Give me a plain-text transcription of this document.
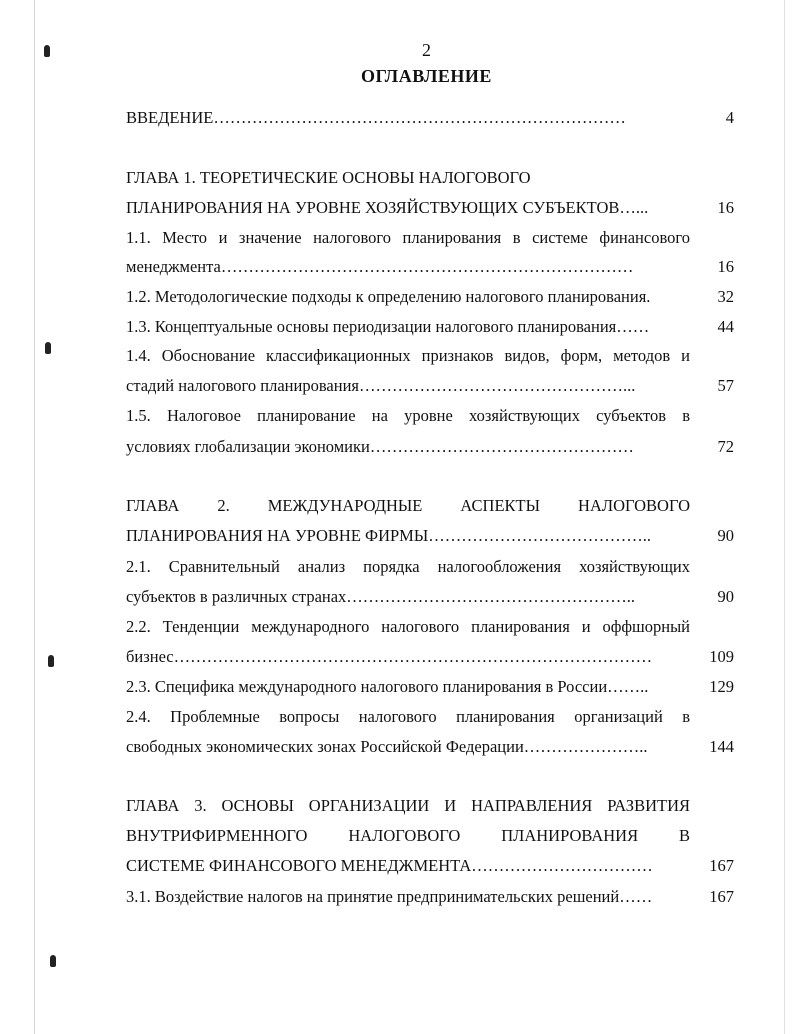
2
ОГЛАВЛЕНИЕ
ВВЕДЕНИЕ…………………………………………………………………	4
ГЛАВА 1. ТЕОРЕТИЧЕСКИЕ ОСНОВЫ НАЛОГОВОГО
ПЛАНИРОВАНИЯ НА УРОВНЕ ХОЗЯЙСТВУЮЩИХ СУБЪЕКТОВ…...	16
1.1. Место и значение налогового планирования в системе финансового
менеджмента…………………………………………………………………	16
1.2. Методологические подходы к определению налогового планирования.	32
1.3. Концептуальные основы периодизации налогового планирования……	44
1.4. Обоснование классификационных признаков видов, форм, методов и
стадий налогового планирования…………………………………………...	57
1.5. Налоговое планирование на уровне хозяйствующих субъектов в
условиях глобализации экономики…………………………………………	72
ГЛАВА 2. МЕЖДУНАРОДНЫЕ АСПЕКТЫ НАЛОГОВОГО
ПЛАНИРОВАНИЯ НА УРОВНЕ ФИРМЫ…………………………………..	90
2.1. Сравнительный анализ порядка налогообложения хозяйствующих
субъектов в различных странах……………………………………………..	90
2.2. Тенденции международного налогового планирования и оффшорный
бизнес……………………………………………………………………………	109
2.3. Специфика международного налогового планирования в России……..	129
2.4. Проблемные вопросы налогового планирования организаций в
свободных экономических зонах Российской Федерации…………………..	144
ГЛАВА 3. ОСНОВЫ ОРГАНИЗАЦИИ И НАПРАВЛЕНИЯ РАЗВИТИЯ
ВНУТРИФИРМЕННОГО НАЛОГОВОГО ПЛАНИРОВАНИЯ В
СИСТЕМЕ ФИНАНСОВОГО МЕНЕДЖМЕНТА……………………………	167
3.1. Воздействие налогов на принятие предпринимательских решений……	167
